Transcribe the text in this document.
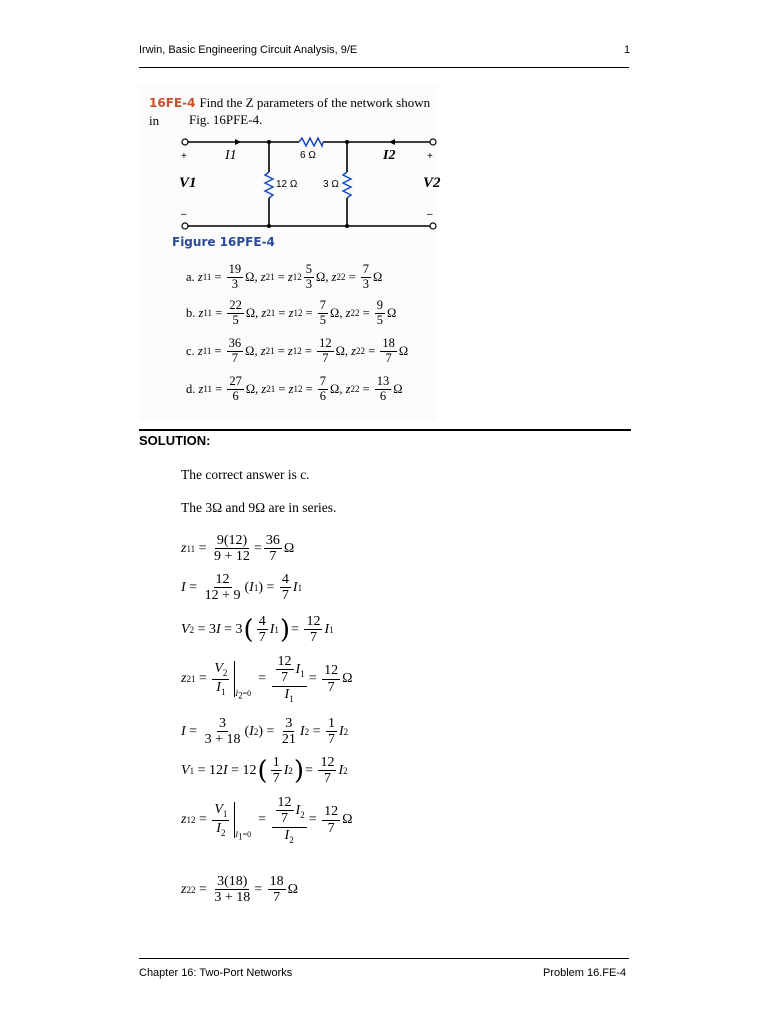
Irwin, Basic Engineering Circuit Analysis, 9/E	1
16FE-4 Find the Z parameters of the network shown in	Fig. 16PFE-4.
+	+
–	–
I1	I2
6 Ω
12 Ω	3 Ω
V1	V2
Figure 16PFE-4
a.
z $11 = \frac{19}{3} \Omega$, z 21 = z $12 \frac{5}{3} \Omega$, z $22 = \frac{7}{3}$ Ω
b.
z $11 = \frac{22}{5} \Omega$, z 21 = z $12 = \frac{7}{5} \Omega$, z $22 = \frac{9}{5}$ Ω
c.
z $11 = \frac{36}{7} \Omega$, z 21 = z $12 = \frac{12}{7} \Omega$, z $22 = \frac{18}{7}$ Ω
d.
z $11 = \frac{27}{6} \Omega$, z 21 = z $12 = \frac{7}{6} \Omega$, z $22 = \frac{13}{6}$ Ω
SOLUTION:
The correct answer is c.
The 3Ω and 9Ω are in series.
z $11 = \frac{9(12)}{9 + 12} = \frac{36}{7}$ Ω
$I = \frac{12}{12 + 9}$ ( I 1 ) = $\frac{4}{7}$ I 1
V 2 = 3 I = 3 ( $\frac{4}{7}$ I 1 ) = $\frac{12}{7}$ I 1
z $21 = \frac{V_2}{I_1} I_2=0$
= $\frac{\frac{12}{7} I_1}{I_1} = \frac{12}{7}$ Ω
$I = \frac{3}{3 + 18}$ ( I 2 ) = $\frac{3}{21}$ I $2 = \frac{1}{7}$ I 2
V 1 = 12 I = 12 ( $\frac{1}{7}$ I 2 ) = $\frac{12}{7}$ I 2
z $12 = \frac{V_1}{I_2} I_1=0$
= $\frac{\frac{12}{7} I_2}{I_2} = \frac{12}{7}$ Ω
z $22 = \frac{3(18)}{3 + 18} = \frac{18}{7}$ Ω
Chapter 16: Two-Port Networks	Problem 16.FE-4
